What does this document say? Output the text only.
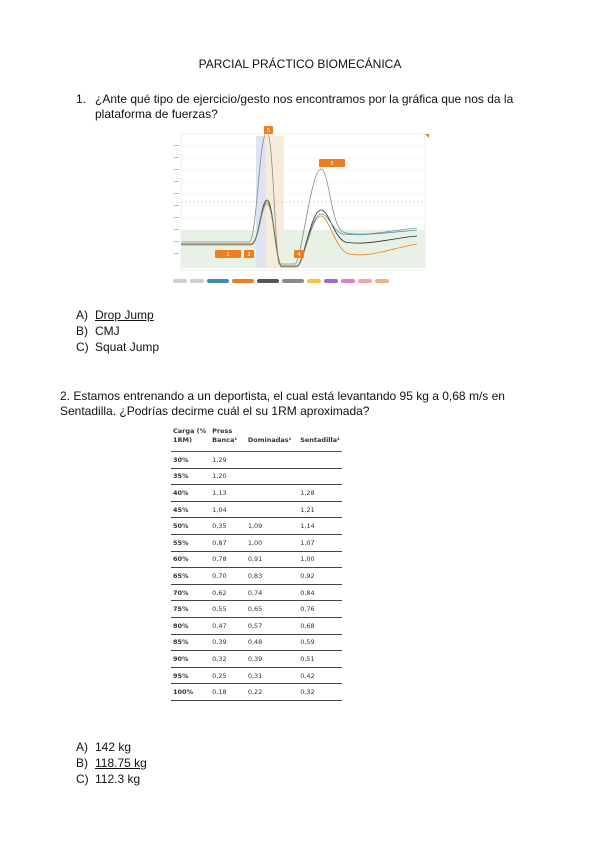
PARCIAL PRÁCTICO BIOMECÁNICA
1. ¿Ante qué tipo de ejercicio/gesto nos encontramos por la gráfica que nos da la
plataforma de fuerzas?
5
3
1	2	4
A) Drop Jump
B) CMJ
C) Squat Jump
2. Estamos entrenando a un deportista, el cual está levantando 95 kg a 0,68 m/s en
Sentadilla. ¿Podrías decirme cuál el su 1RM aproximada?
Carga (% 1RM)	Press Banca¹	Dominadas¹	Sentadilla¹
30%	1,29		
35%	1,20		
40%	1,13		1,28
45%	1,04		1,21
50%	0,35	1,09	1,14
55%	0,87	1,00	1,07
60%	0,78	0,91	1,00
65%	0,70	0,83	0,92
70%	0,62	0,74	0,84
75%	0,55	0,65	0,76
80%	0,47	0,57	0,68
85%	0,39	0,48	0,59
90%	0,32	0,39	0,51
95%	0,25	0,31	0,42
100%	0,18	0,22	0,32
A) 142 kg
B) 118.75 kg
C) 112.3 kg
